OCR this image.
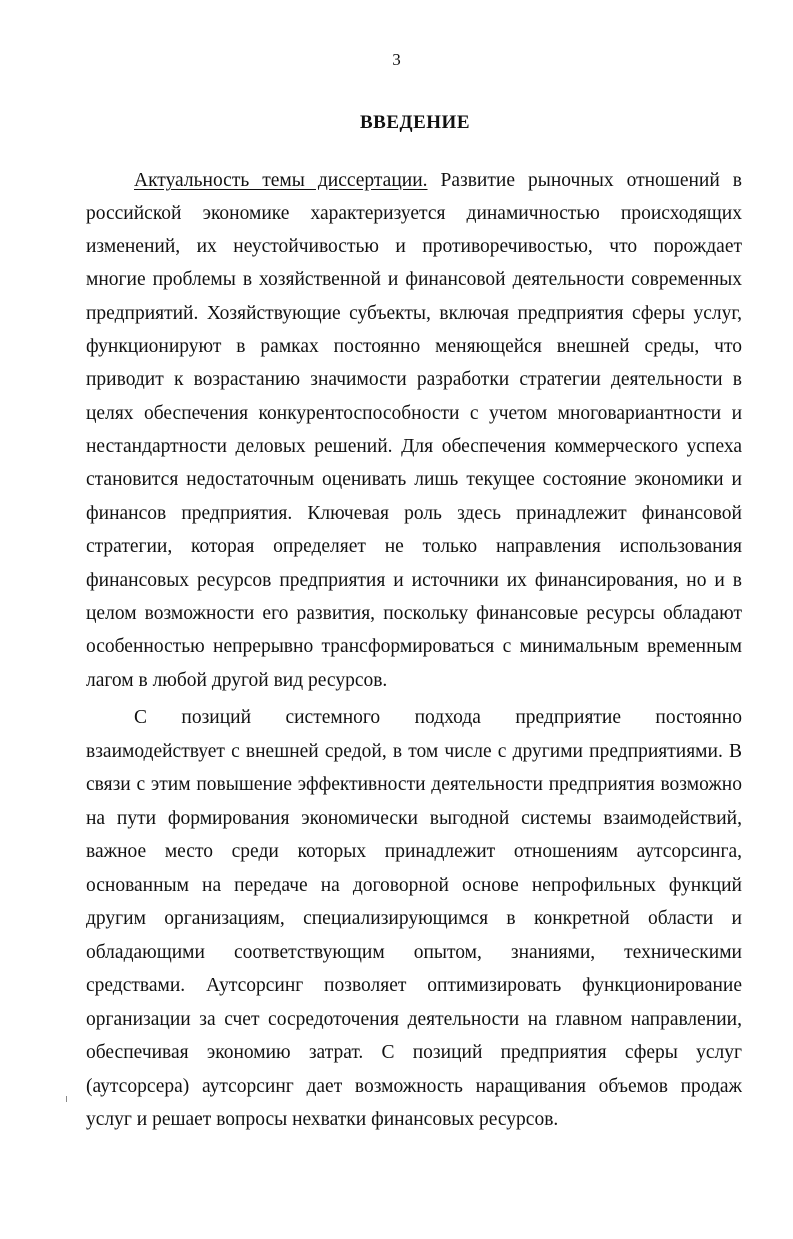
3
ВВЕДЕНИЕ
Актуальность темы диссертации. Развитие рыночных отношений в
российской экономике характеризуется динамичностью происходящих
изменений, их неустойчивостью и противоречивостью, что порождает
многие проблемы в хозяйственной и финансовой деятельности современных
предприятий. Хозяйствующие субъекты, включая предприятия сферы услуг,
функционируют в рамках постоянно меняющейся внешней среды, что
приводит к возрастанию значимости разработки стратегии деятельности в
целях обеспечения конкурентоспособности с учетом многовариантности и
нестандартности деловых решений. Для обеспечения коммерческого успеха
становится недостаточным оценивать лишь текущее состояние экономики и
финансов предприятия. Ключевая роль здесь принадлежит финансовой
стратегии, которая определяет не только направления использования
финансовых ресурсов предприятия и источники их финансирования, но и в
целом возможности его развития, поскольку финансовые ресурсы обладают
особенностью непрерывно трансформироваться с минимальным временным
лагом в любой другой вид ресурсов.
С позиций системного подхода предприятие постоянно
взаимодействует с внешней средой, в том числе с другими предприятиями. В
связи с этим повышение эффективности деятельности предприятия возможно
на пути формирования экономически выгодной системы взаимодействий,
важное место среди которых принадлежит отношениям аутсорсинга,
основанным на передаче на договорной основе непрофильных функций
другим организациям, специализирующимся в конкретной области и
обладающими соответствующим опытом, знаниями, техническими
средствами. Аутсорсинг позволяет оптимизировать функционирование
организации за счет сосредоточения деятельности на главном направлении,
обеспечивая экономию затрат. С позиций предприятия сферы услуг
(аутсорсера) аутсорсинг дает возможность наращивания объемов продаж
услуг и решает вопросы нехватки финансовых ресурсов.
